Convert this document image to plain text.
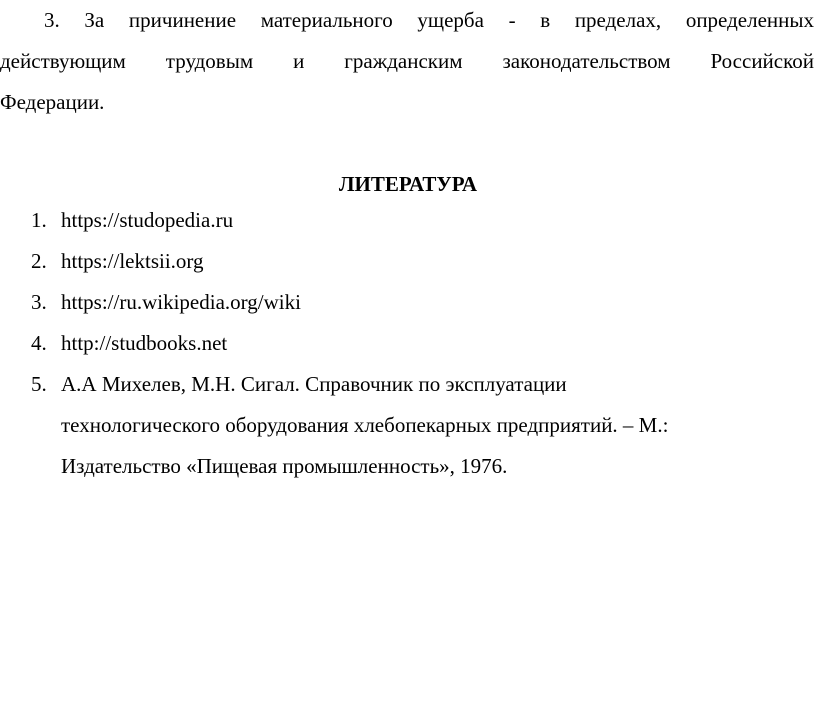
3. За причинение материального ущерба - в пределах, определенных
действующим трудовым и гражданским законодательством Российской
Федерации.
ЛИТЕРАТУРА
1. https://studopedia.ru
2. https://lektsii.org
3. https://ru.wikipedia.org/wiki
4. http://studbooks.net
5. А.А Михелев, М.Н. Сигал. Справочник по эксплуатации
технологического оборудования хлебопекарных предприятий. – М.:
Издательство «Пищевая промышленность», 1976.
